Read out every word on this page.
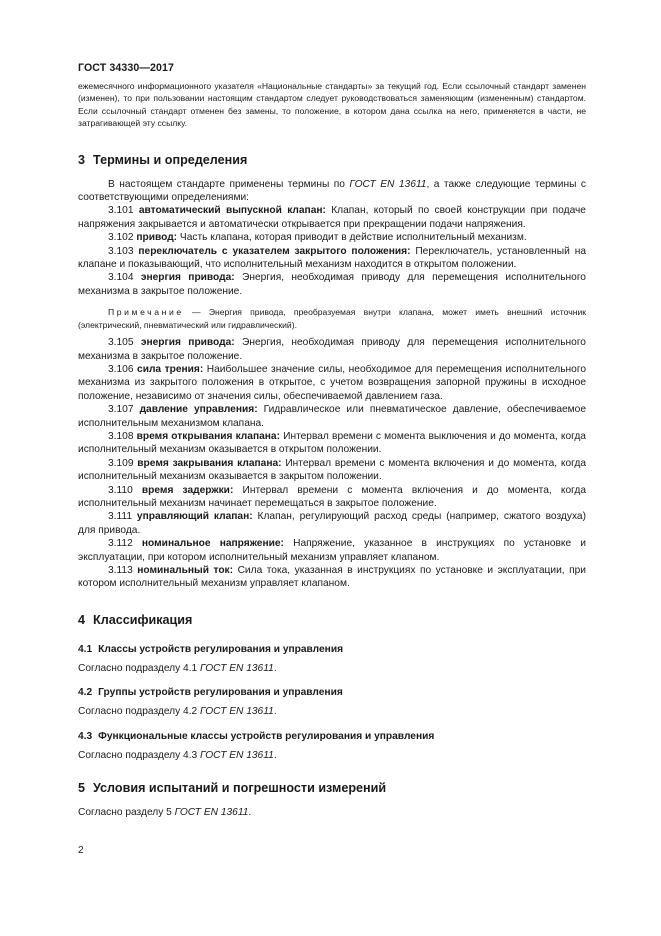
ГОСТ 34330—2017

ежемесячного информационного указателя «Национальные стандарты» за текущий год. Если ссылочный стандарт заменен (изменен), то при пользовании настоящим стандартом следует руководствоваться заменяющим (измененным) стандартом. Если ссылочный стандарт отменен без замены, то положение, в котором дана ссылка на него, применяется в части, не затрагивающей эту ссылку.

3 Термины и определения

В настоящем стандарте применены термины по ГОСТ EN 13611, а также следующие термины с соответствующими определениями:

3.101 автоматический выпускной клапан: Клапан, который по своей конструкции при подаче напряжения закрывается и автоматически открывается при прекращении подачи напряжения.

3.102 привод: Часть клапана, которая приводит в действие исполнительный механизм.

3.103 переключатель с указателем закрытого положения: Переключатель, установленный на клапане и показывающий, что исполнительный механизм находится в открытом положении.

3.104 энергия привода: Энергия, необходимая приводу для перемещения исполнительного механизма в закрытое положение.

Примечание — Энергия привода, преобразуемая внутри клапана, может иметь внешний источник (электрический, пневматический или гидравлический).

3.105 энергия привода: Энергия, необходимая приводу для перемещения исполнительного механизма в закрытое положение.

3.106 сила трения: Наибольшее значение силы, необходимое для перемещения исполнительного механизма из закрытого положения в открытое, с учетом возвращения запорной пружины в исходное положение, независимо от значения силы, обеспечиваемой давлением газа.

3.107 давление управления: Гидравлическое или пневматическое давление, обеспечиваемое исполнительным механизмом клапана.

3.108 время открывания клапана: Интервал времени с момента выключения и до момента, когда исполнительный механизм оказывается в открытом положении.

3.109 время закрывания клапана: Интервал времени с момента включения и до момента, когда исполнительный механизм оказывается в закрытом положении.

3.110 время задержки: Интервал времени с момента включения и до момента, когда исполнительный механизм начинает перемещаться в закрытое положение.

3.111 управляющий клапан: Клапан, регулирующий расход среды (например, сжатого воздуха) для привода.

3.112 номинальное напряжение: Напряжение, указанное в инструкциях по установке и эксплуатации, при котором исполнительный механизм управляет клапаном.

3.113 номинальный ток: Сила тока, указанная в инструкциях по установке и эксплуатации, при котором исполнительный механизм управляет клапаном.

4 Классификация
4.1 Классы устройств регулирования и управления

Согласно подразделу 4.1 ГОСТ EN 13611.

4.2 Группы устройств регулирования и управления

Согласно подразделу 4.2 ГОСТ EN 13611.

4.3 Функциональные классы устройств регулирования и управления

Согласно подразделу 4.3 ГОСТ EN 13611.

5 Условия испытаний и погрешности измерений

Согласно разделу 5 ГОСТ EN 13611.

2
